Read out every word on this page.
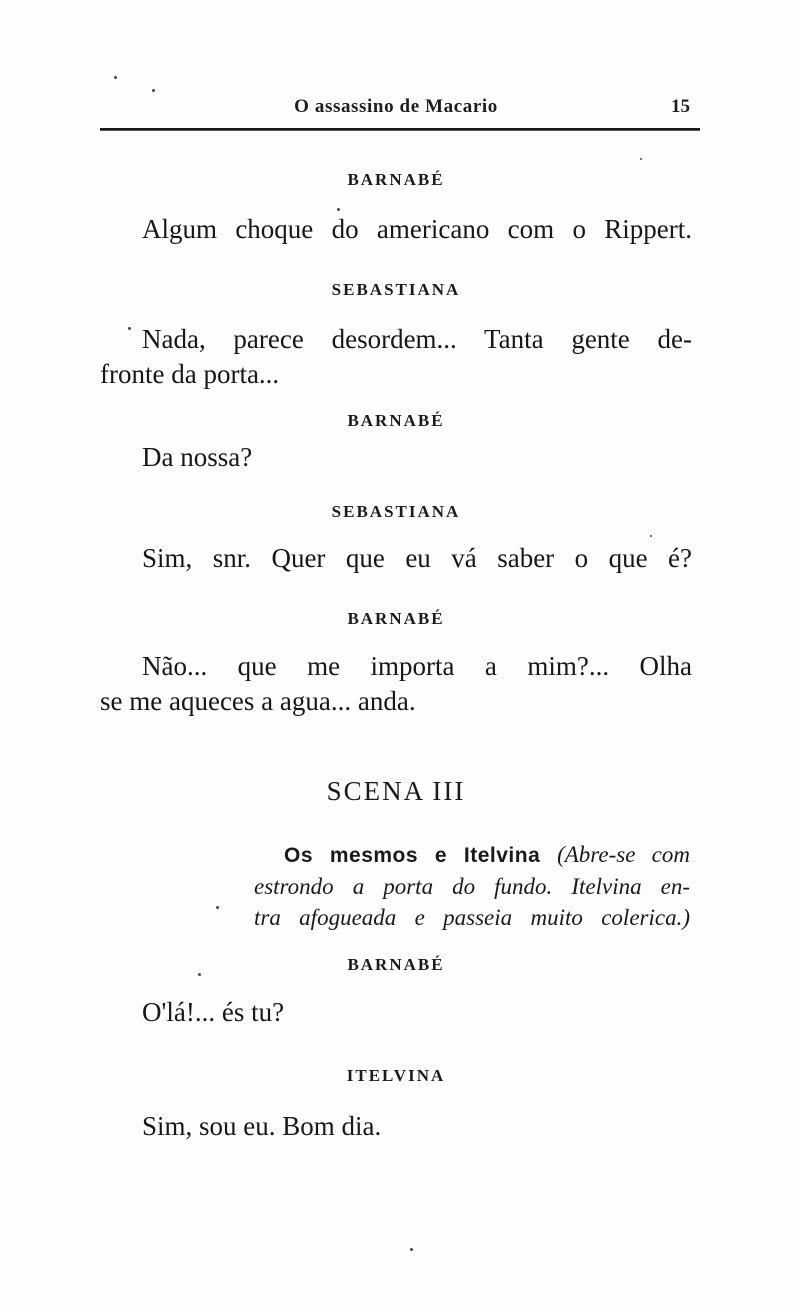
O assassino de Macario	15
BARNABÉ
Algum choque do americano com o Rippert.
SEBASTIANA
Nada, parece desordem... Tanta gente de-
fronte da porta...
BARNABÉ
Da nossa?
SEBASTIANA
Sim, snr. Quer que eu vá saber o que é?
BARNABÉ
Não... que me importa a mim?... Olha
se me aqueces a agua... anda.
SCENA III
Os mesmos e Itelvina (Abre-se com
estrondo a porta do fundo. Itelvina en-
tra afogueada e passeia muito colerica.)
BARNABÉ
O'lá!... és tu?
ITELVINA
Sim, sou eu. Bom dia.
